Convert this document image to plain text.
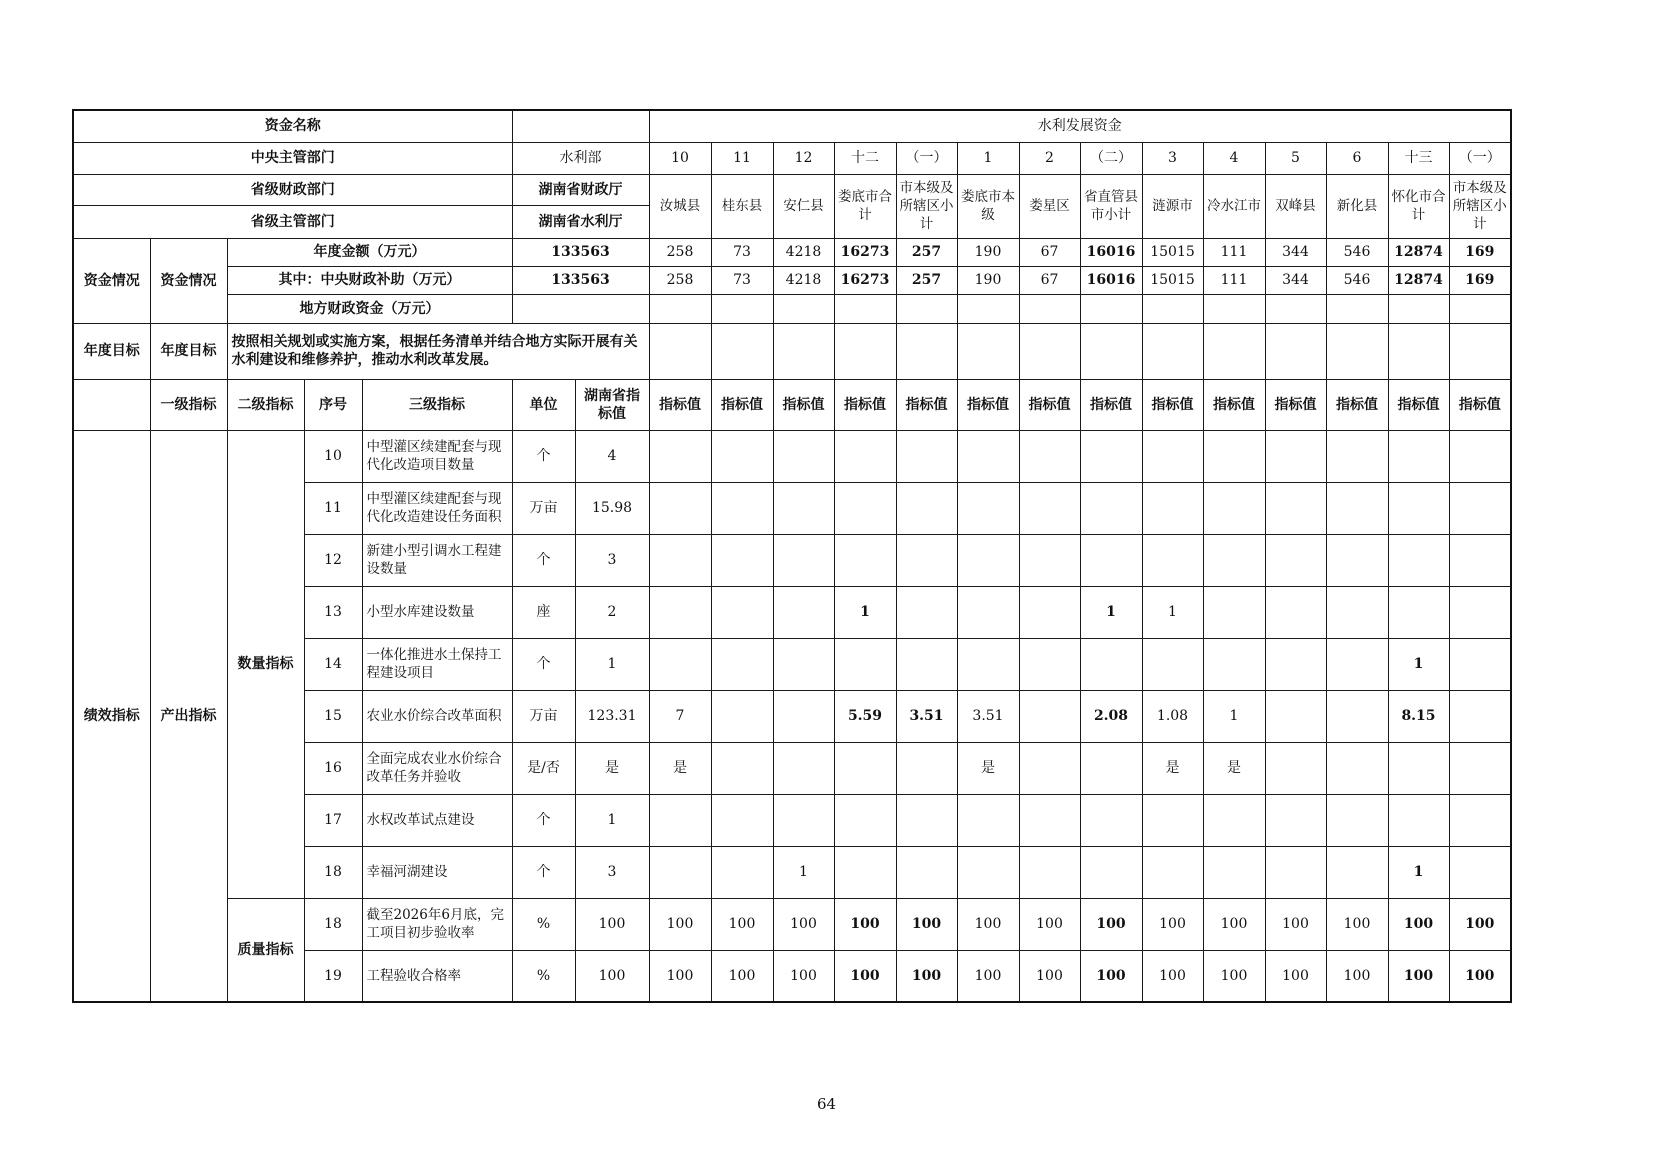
资金名称							水利发展资金													
中央主管部门					水利部		10	11	12	十二	（一）	1	2	（二）	3	4	5	6	十三	（一）
省级财政部门					湖南省财政厅		汝城县	桂东县	安仁县	娄底市合计	市本级及所辖区小计	娄底市本级	娄星区	省直管县市小计	涟源市	冷水江市	双峰县	新化县	怀化市合计	市本级及所辖区小计
省级主管部门					湖南省水利厅															
资金情况	资金情况	年度金额（万元）			133563		258	73	4218	16273	257	190	67	16016	15015	111	344	546	12874	169
		其中：中央财政补助（万元）			133563		258	73	4218	16273	257	190	67	16016	15015	111	344	546	12874	169
		地方财政资金（万元）																		
年度目标	年度目标	按照相关规划或实施方案，根据任务清单并结合地方实际开展有关水利建设和维修养护，推动水利改革发展。																		
	一级指标	二级指标	序号	三级指标	单位	湖南省指标值	指标值	指标值	指标值	指标值	指标值	指标值	指标值	指标值	指标值	指标值	指标值	指标值	指标值	指标值
绩效指标	产出指标	数量指标	10	中型灌区续建配套与现代化改造项目数量	个	4														
			11	中型灌区续建配套与现代化改造建设任务面积	万亩	15.98														
			12	新建小型引调水工程建设数量	个	3														
			13	小型水库建设数量	座	2				1				1	1					
			14	一体化推进水土保持工程建设项目	个	1													1	
			15	农业水价综合改革面积	万亩	123.31	7			5.59	3.51	3.51		2.08	1.08	1			8.15	
			16	全面完成农业水价综合改革任务并验收	是/否	是	是					是			是	是				
			17	水权改革试点建设	个	1														
			18	幸福河湖建设	个	3			1										1	
		质量指标	18	截至2026年6月底，完工项目初步验收率	%	100	100	100	100	100	100	100	100	100	100	100	100	100	100	100
			19	工程验收合格率	%	100	100	100	100	100	100	100	100	100	100	100	100	100	100	100
64
